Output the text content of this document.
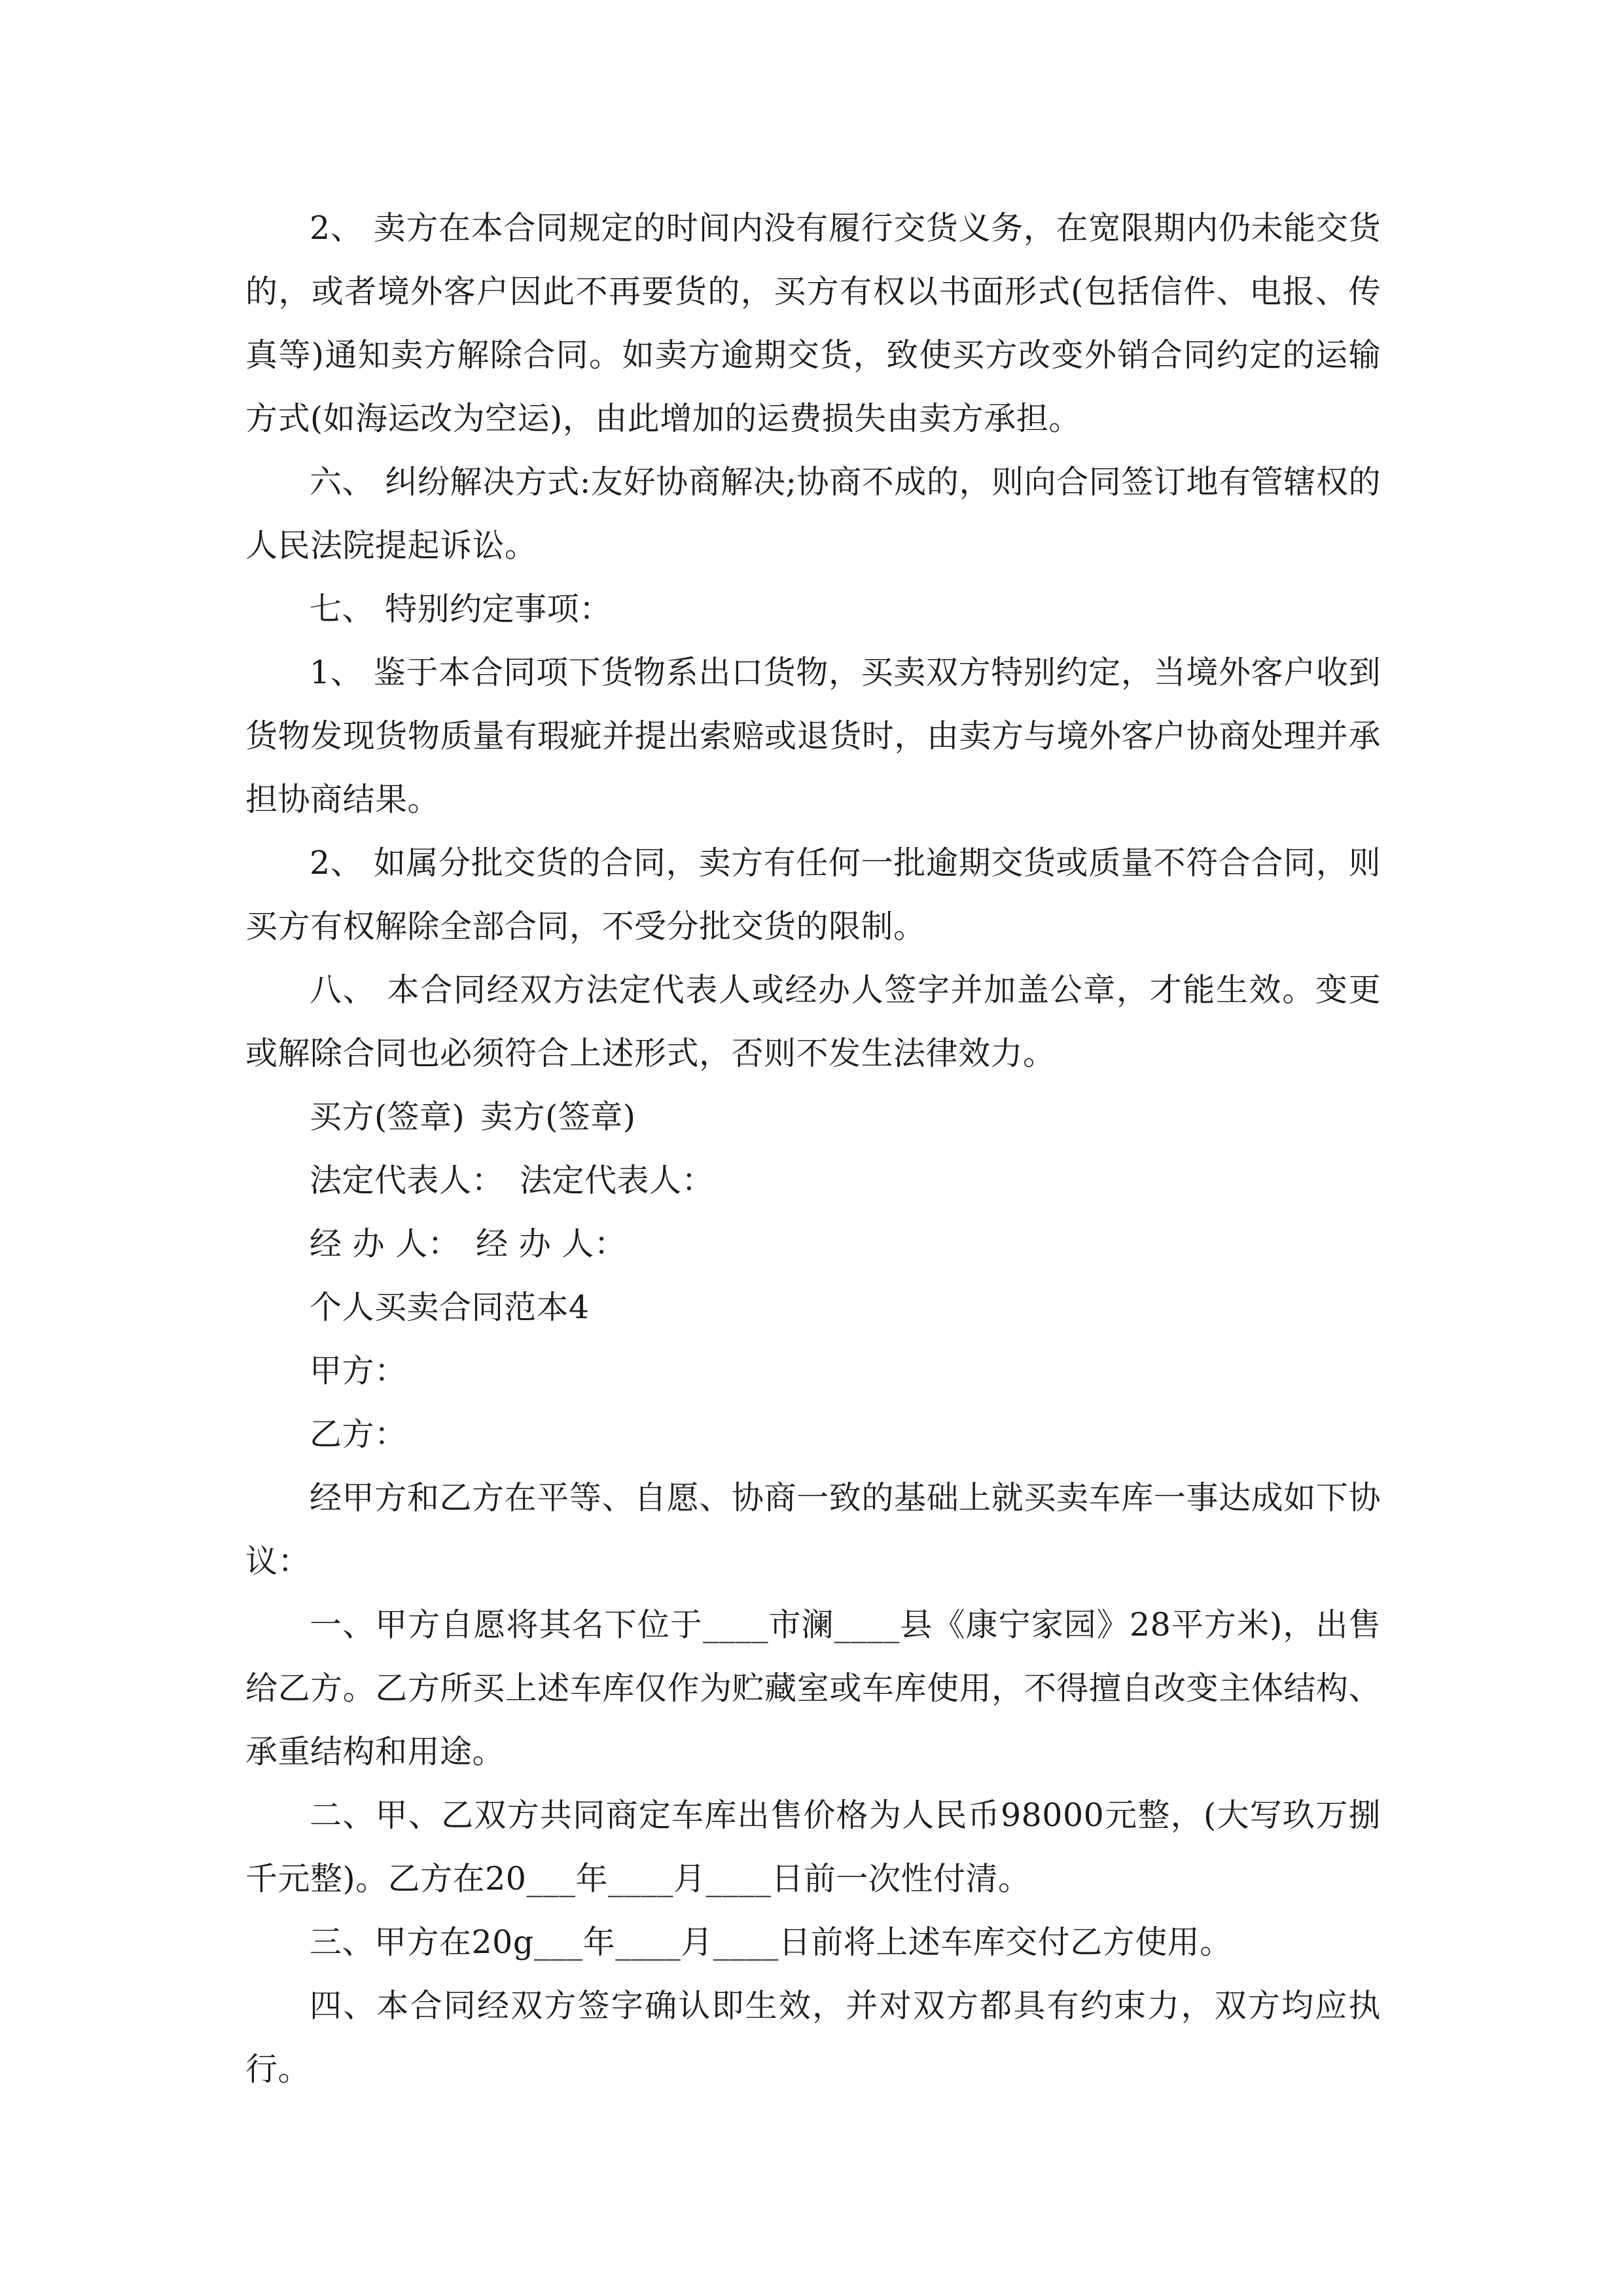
2、 卖方在本合同规定的时间内没有履行交货义务，在宽限期内仍未能交货的，或者境外客户因此不再要货的，买方有权以书面形式(包括信件、电报、传真等)通知卖方解除合同。如卖方逾期交货，致使买方改变外销合同约定的运输方式(如海运改为空运)，由此增加的运费损失由卖方承担。

六、 纠纷解决方式:友好协商解决;协商不成的，则向合同签订地有管辖权的人民法院提起诉讼。

七、 特别约定事项：

1、 鉴于本合同项下货物系出口货物，买卖双方特别约定，当境外客户收到货物发现货物质量有瑕疵并提出索赔或退货时，由卖方与境外客户协商处理并承担协商结果。

2、 如属分批交货的合同，卖方有任何一批逾期交货或质量不符合合同，则买方有权解除全部合同，不受分批交货的限制。

八、 本合同经双方法定代表人或经办人签字并加盖公章，才能生效。变更或解除合同也必须符合上述形式，否则不发生法律效力。

买方(签章) 卖方(签章)
法定代表人： 法定代表人：
经 办 人： 经 办 人：
个人买卖合同范本4
甲方：
乙方：

经甲方和乙方在平等、自愿、协商一致的基础上就买卖车库一事达成如下协议：

一、甲方自愿将其名下位于____市澜____县《康宁家园》28平方米)，出售给乙方。乙方所买上述车库仅作为贮藏室或车库使用，不得擅自改变主体结构、承重结构和用途。

二、甲、乙双方共同商定车库出售价格为人民币98000元整，(大写玖万捌千元整)。乙方在20___年____月____日前一次性付清。

三、甲方在20g___年____月____日前将上述车库交付乙方使用。

四、本合同经双方签字确认即生效，并对双方都具有约束力，双方均应执行。
